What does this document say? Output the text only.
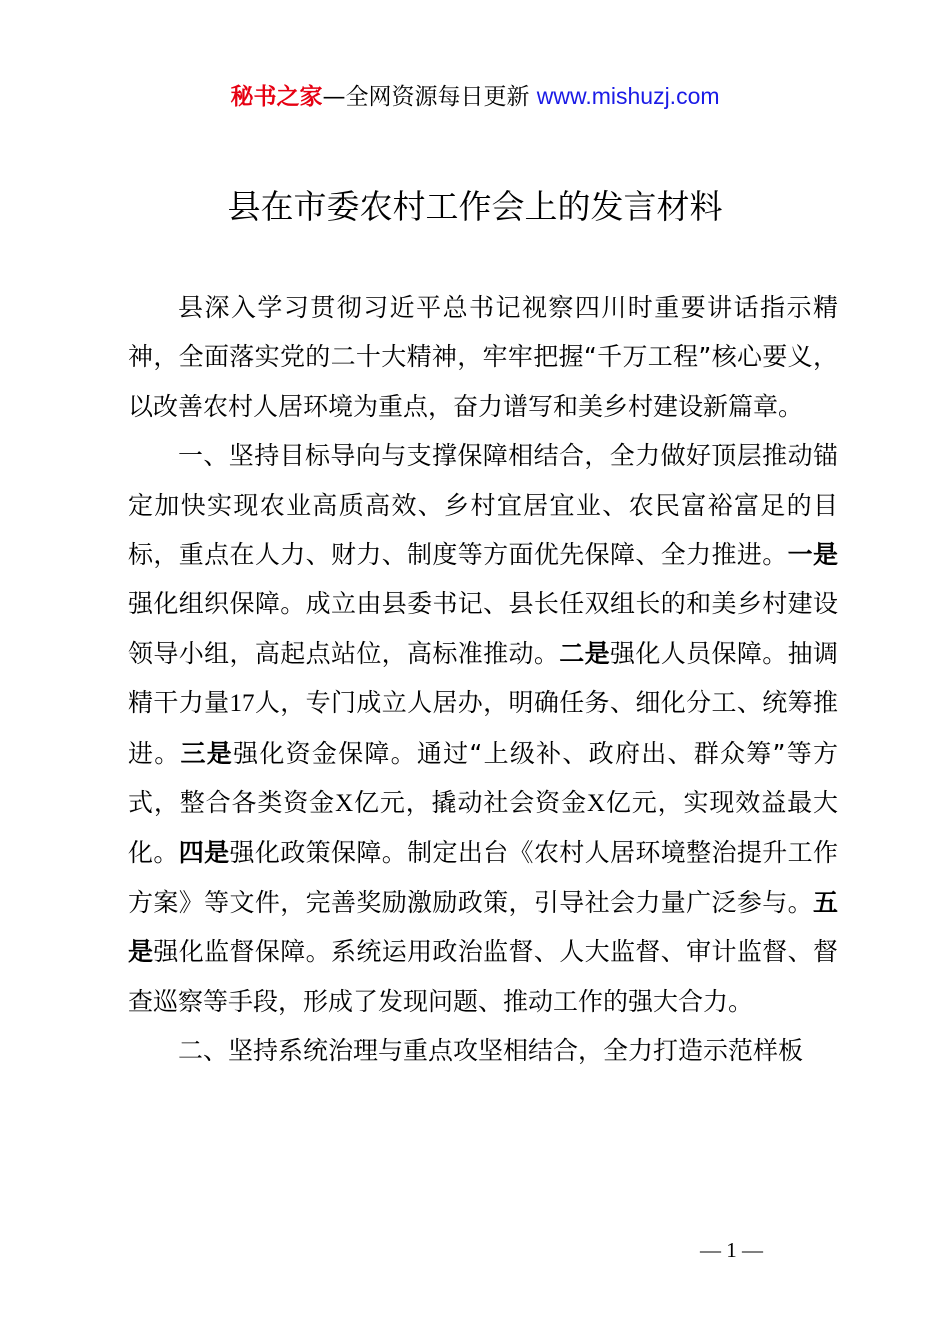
秘书之家—全网资源每日更新 www.mishuzj.com
县在市委农村工作会上的发言材料

县深入学习贯彻习近平总书记视察四川时重要讲话指示精神，全面落实党的二十大精神，牢牢把握“千万工程”核心要义，以改善农村人居环境为重点，奋力谱写和美乡村建设新篇章。

一、坚持目标导向与支撑保障相结合，全力做好顶层推动锚定加快实现农业高质高效、乡村宜居宜业、农民富裕富足的目标，重点在人力、财力、制度等方面优先保障、全力推进。一是强化组织保障。成立由县委书记、县长任双组长的和美乡村建设领导小组，高起点站位，高标准推动。二是强化人员保障。抽调精干力量17人，专门成立人居办，明确任务、细化分工、统筹推进。三是强化资金保障。通过“上级补、政府出、群众筹”等方式，整合各类资金X亿元，撬动社会资金X亿元，实现效益最大化。四是强化政策保障。制定出台《农村人居环境整治提升工作方案》等文件，完善奖励激励政策，引导社会力量广泛参与。五是强化监督保障。系统运用政治监督、人大监督、审计监督、督查巡察等手段，形成了发现问题、推动工作的强大合力。

二、坚持系统治理与重点攻坚相结合，全力打造示范样板

— 1 —
